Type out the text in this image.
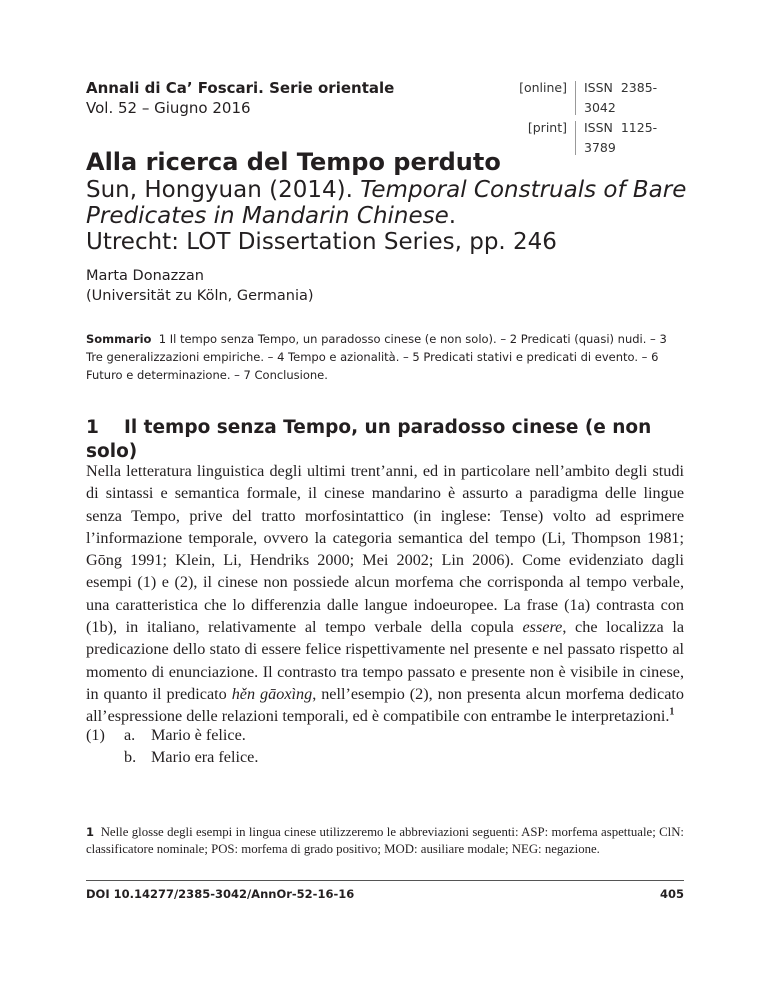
Annali di Ca’ Foscari. Serie orientale
Vol. 52 – Giugno 2016
[online] ISSN 2385-3042
[print] ISSN 1125-3789
Alla ricerca del Tempo perduto
Sun, Hongyuan (2014). Temporal Construals of Bare Predicates in Mandarin Chinese.
Utrecht: LOT Dissertation Series, pp. 246
Marta Donazzan
(Universität zu Köln, Germania)
Sommario 1 Il tempo senza Tempo, un paradosso cinese (e non solo). – 2 Predicati (quasi) nudi. – 3 Tre generalizzazioni empiriche. – 4 Tempo e azionalità. – 5 Predicati stativi e predicati di evento. – 6 Futuro e determinazione. – 7 Conclusione.
1 Il tempo senza Tempo, un paradosso cinese (e non solo)
Nella letteratura linguistica degli ultimi trent’anni, ed in particolare nell’ambito degli studi di sintassi e semantica formale, il cinese mandarino è assurto a paradigma delle lingue senza Tempo, prive del tratto morfosintattico (in inglese: Tense) volto ad esprimere l’informazione temporale, ovvero la categoria semantica del tempo (Li, Thompson 1981; Gōng 1991; Klein, Li, Hendriks 2000; Mei 2002; Lin 2006). Come evidenziato dagli esempi (1) e (2), il cinese non possiede alcun morfema che corrisponda al tempo verbale, una caratteristica che lo differenzia dalle langue indoeuropee. La frase (1a) contrasta con (1b), in italiano, relativamente al tempo verbale della copula essere, che localizza la predicazione dello stato di essere felice rispettivamente nel presente e nel passato rispetto al momento di enunciazione. Il contrasto tra tempo passato e presente non è visibile in cinese, in quanto il predicato hěn gāoxìng, nell’esempio (2), non presenta alcun morfema dedicato all’espressione delle relazioni temporali, ed è compatibile con entrambe le interpretazioni.$^1$
(1)	a. Mario è felice.
b. Mario era felice.
1 Nelle glosse degli esempi in lingua cinese utilizzeremo le abbreviazioni seguenti: ASP: morfema aspettuale; ClN: classificatore nominale; POS: morfema di grado positivo; MOD: ausiliare modale; NEG: negazione.
DOI 10.14277/2385-3042/AnnOr-52-16-16	405
